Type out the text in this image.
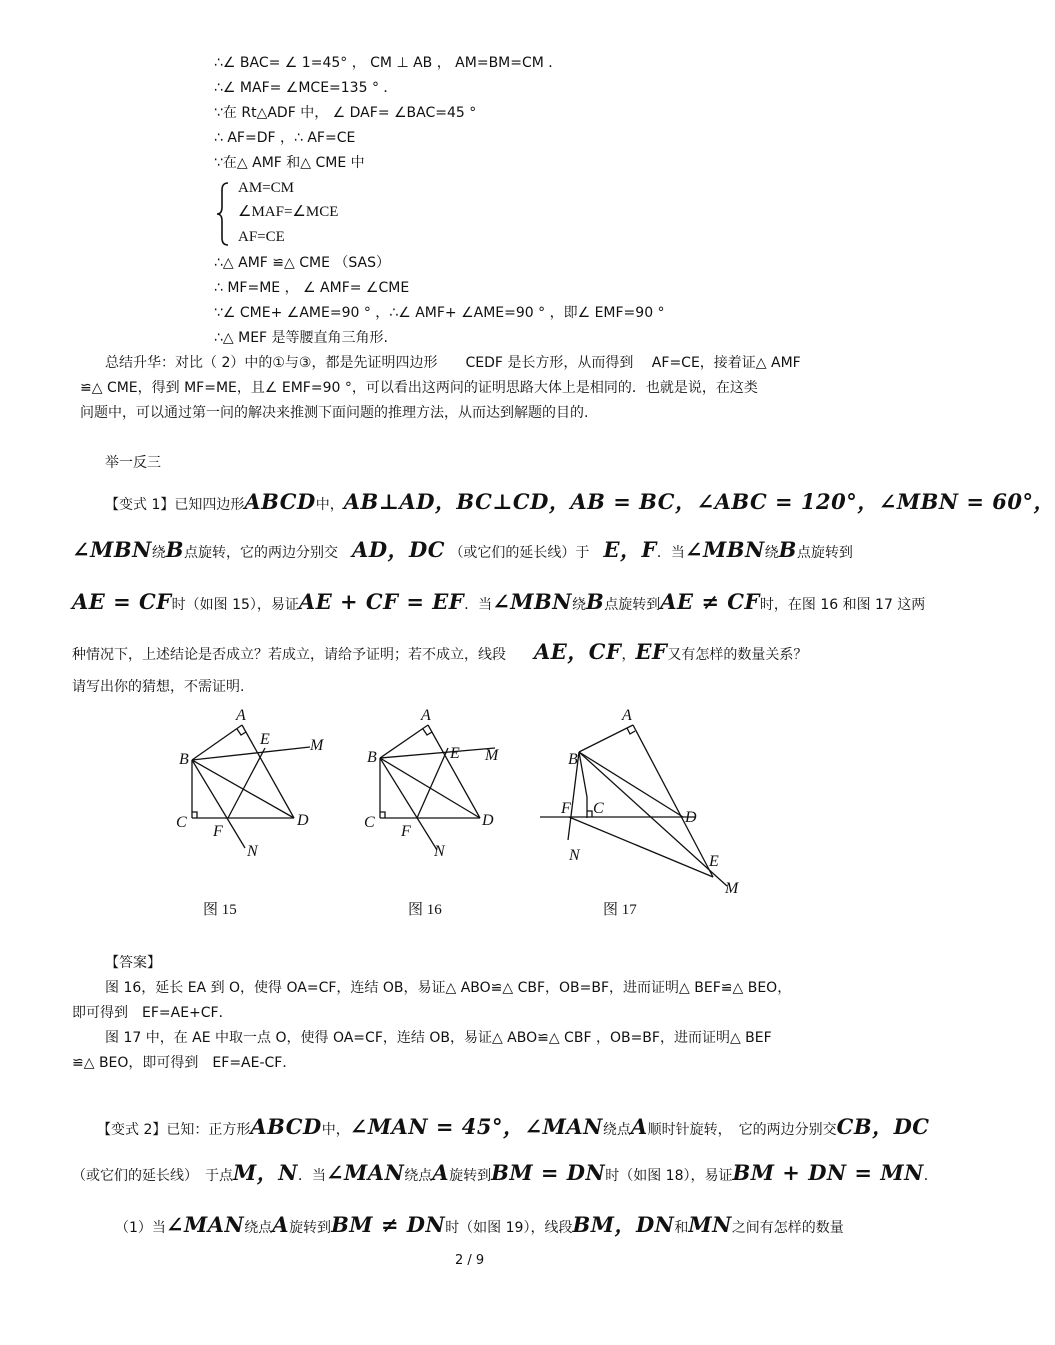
∴∠ BAC= ∠ 1=45° ， CM ⊥ AB ， AM=BM=CM ．
∴∠ MAF= ∠MCE=135 ° ．
∵在 Rt△ADF 中， ∠ DAF= ∠BAC=45 °
∴ AF=DF ，∴ AF=CE
∵在△ AMF 和△ CME 中
AM=CM
∠MAF=∠MCE
AF=CE
∴△ AMF ≌△ CME （SAS）
∴ MF=ME ， ∠ AMF= ∠CME
∵∠ CME+ ∠AME=90 ° ，∴∠ AMF+ ∠AME=90 ° ，即∠ EMF=90 °
∴△ MEF 是等腰直角三角形.
总结升华：对比（ 2）中的①与③，都是先证明四边形　　CEDF 是长方形，从而得到　 AF=CE，接着证△ AMF
≌△ CME，得到 MF=ME，且∠ EMF=90 °，可以看出这两问的证明思路大体上是相同的．也就是说，在这类
问题中，可以通过第一问的解决来推测下面问题的推理方法，从而达到解题的目的.
举一反三
【变式 1】已知四边形ABCD中，AB⊥AD，BC⊥CD，AB = BC，∠ABC = 120°，∠MBN = 60°，
∠MBN绕B点旋转，它的两边分别交　 AD，DC （或它们的延长线）于　 E，F．当∠MBN绕B点旋转到
AE = CF时（如图 15），易证AE + CF = EF．当∠MBN绕B点旋转到AE ≠ CF时，在图 16 和图 17 这两
种情况下，上述结论是否成立？若成立，请给予证明；若不成立，线段　　 AE，CF，EF又有怎样的数量关系？
请写出你的猜想，不需证明.
A
B
E	M
C
F
D
N
图 15
A
B	E M
C
F
D
N
图 16
A
B
F C
D
N	E
M
图 17
【答案】
图 16，延长 EA 到 O，使得 OA=CF，连结 OB，易证△ ABO≌△ CBF，OB=BF，进而证明△ BEF≌△ BEO，
即可得到　EF=AE+CF．
图 17 中，在 AE 中取一点 O，使得 OA=CF，连结 OB，易证△ ABO≌△ CBF ，OB=BF，进而证明△ BEF
≌△ BEO，即可得到　EF=AE-CF．
【变式 2】已知：正方形ABCD中，∠MAN = 45°，∠MAN绕点A顺时针旋转，　它的两边分别交CB，DC
（或它们的延长线）　于点M，N．当∠MAN绕点A旋转到BM = DN时（如图 18），易证BM + DN = MN．
（1）当∠MAN绕点A旋转到BM ≠ DN时（如图 19），线段BM，DN和MN之间有怎样的数量
2 / 9
